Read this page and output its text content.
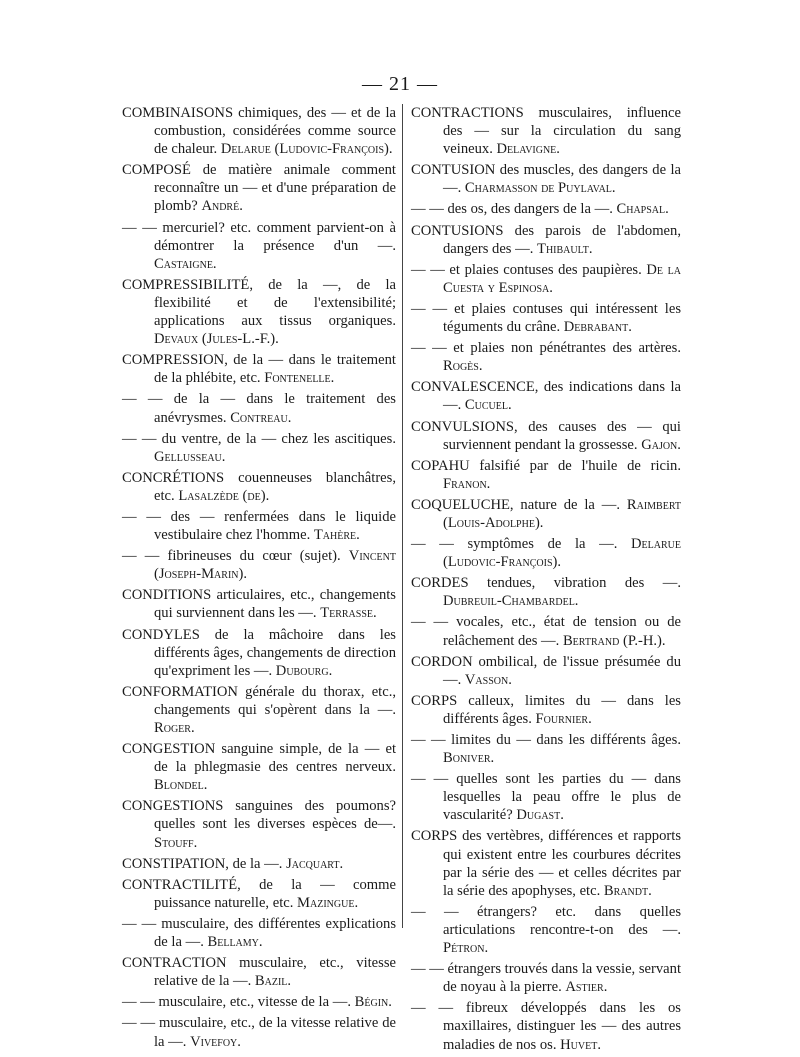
— 21 —

COMBINAISONS chimiques, des — et de la combustion, considérées comme source de chaleur. Delarue (Ludovic-François).

COMPOSÉ de matière animale comment reconnaître un — et d'une préparation de plomb? André.

— — mercuriel? etc. comment parvient-on à démontrer la présence d'un —. Castaigne.

COMPRESSIBILITÉ, de la —, de la flexibilité et de l'extensibilité; applications aux tissus organiques. Devaux (Jules-L.-F.).

COMPRESSION, de la — dans le traitement de la phlébite, etc. Fontenelle.

— — de la — dans le traitement des anévrysmes. Contreau.

— — du ventre, de la — chez les ascitiques. Gellusseau.

CONCRÉTIONS couenneuses blanchâtres, etc. Lasalzède (de).

— — des — renfermées dans le liquide vestibulaire chez l'homme. Tahère.

— — fibrineuses du cœur (sujet). Vincent (Joseph-Marin).

CONDITIONS articulaires, etc., changements qui surviennent dans les —. Terrasse.

CONDYLES de la mâchoire dans les différents âges, changements de direction qu'expriment les —. Dubourg.

CONFORMATION générale du thorax, etc., changements qui s'opèrent dans la —. Roger.

CONGESTION sanguine simple, de la — et de la phlegmasie des centres nerveux. Blondel.

CONGESTIONS sanguines des poumons? quelles sont les diverses espèces de—. Stouff.

CONSTIPATION, de la —. Jacquart.

CONTRACTILITÉ, de la — comme puissance naturelle, etc. Mazingue.

— — musculaire, des différentes explications de la —. Bellamy.

CONTRACTION musculaire, etc., vitesse relative de la —. Bazil.

— — musculaire, etc., vitesse de la —. Bégin.

— — musculaire, etc., de la vitesse relative de la —. Vivefoy.

CONTRACTIONS musculaires, influence des — sur la circulation du sang veineux. Delavigne.

CONTUSION des muscles, des dangers de la —. Charmasson de Puylaval.

— — des os, des dangers de la —. Chapsal.

CONTUSIONS des parois de l'abdomen, dangers des —. Thibault.

— — et plaies contuses des paupières. De la Cuesta y Espinosa.

— — et plaies contuses qui intéressent les téguments du crâne. Debrabant.

— — et plaies non pénétrantes des artères. Rogès.

CONVALESCENCE, des indications dans la —. Cucuel.

CONVULSIONS, des causes des — qui surviennent pendant la grossesse. Gajon.

COPAHU falsifié par de l'huile de ricin. Franon.

COQUELUCHE, nature de la —. Raimbert (Louis-Adolphe).

— — symptômes de la —. Delarue (Ludovic-François).

CORDES tendues, vibration des —. Dubreuil-Chambardel.

— — vocales, etc., état de tension ou de relâchement des —. Bertrand (P.-H.).

CORDON ombilical, de l'issue présumée du —. Vasson.

CORPS calleux, limites du — dans les différents âges. Fournier.

— — limites du — dans les différents âges. Boniver.

— — quelles sont les parties du — dans lesquelles la peau offre le plus de vascularité? Dugast.

CORPS des vertèbres, différences et rapports qui existent entre les courbures décrites par la série des — et celles décrites par la série des apophyses, etc. Brandt.

— — étrangers? etc. dans quelles articulations rencontre-t-on des —. Pétron.

— — étrangers trouvés dans la vessie, servant de noyau à la pierre. Astier.

— — fibreux développés dans les os maxillaires, distinguer les — des autres maladies de nos os. Huvet.
